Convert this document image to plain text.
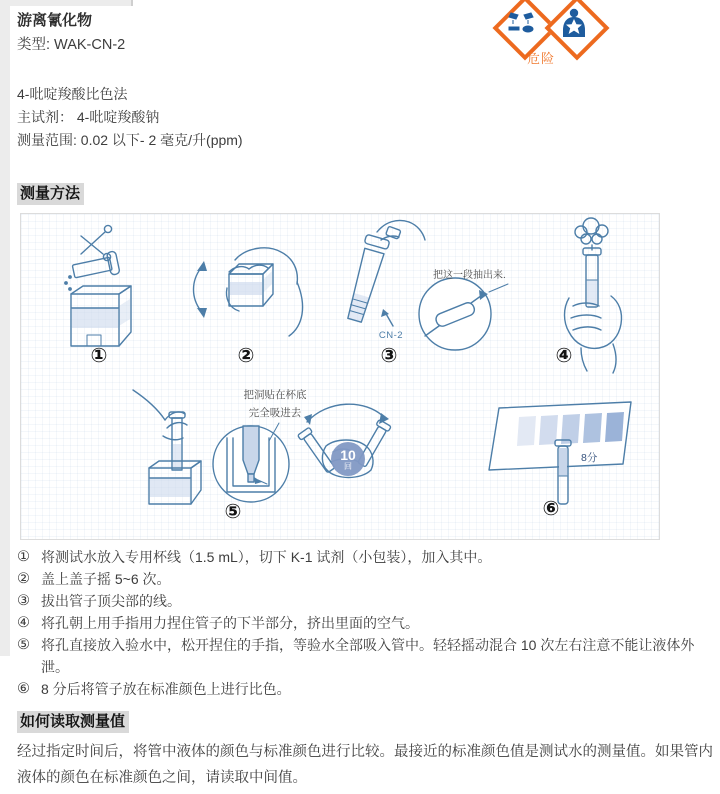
游离氰化物
类型: WAK-CN-2
4-吡啶羧酸比色法
主试剂： 4-吡啶羧酸钠
测量范围: 0.02 以下- 2 毫克/升(ppm)
危险
测量方法
把这一段抽出来.
CN-2
把洞贴在杯底
完全吸进去
10
回
8分
①	②	③	④
⑤	⑥
① 将测试水放入专用杯线（1.5 mL），切下 K-1 试剂（小包装），加入其中。
② 盖上盖子摇 5~6 次。
③ 拔出管子顶尖部的线。
④ 将孔朝上用手指用力捏住管子的下半部分，挤出里面的空气。
⑤ 将孔直接放入验水中，松开捏住的手指，等验水全部吸入管中。轻轻摇动混合 10 次左右注意不能让液体外泄。
⑥ 8 分后将管子放在标准颜色上进行比色。
如何读取测量值
经过指定时间后，将管中液体的颜色与标准颜色进行比较。最接近的标准颜色值是测试水的测量值。如果管内液体的颜色在标准颜色之间，请读取中间值。
